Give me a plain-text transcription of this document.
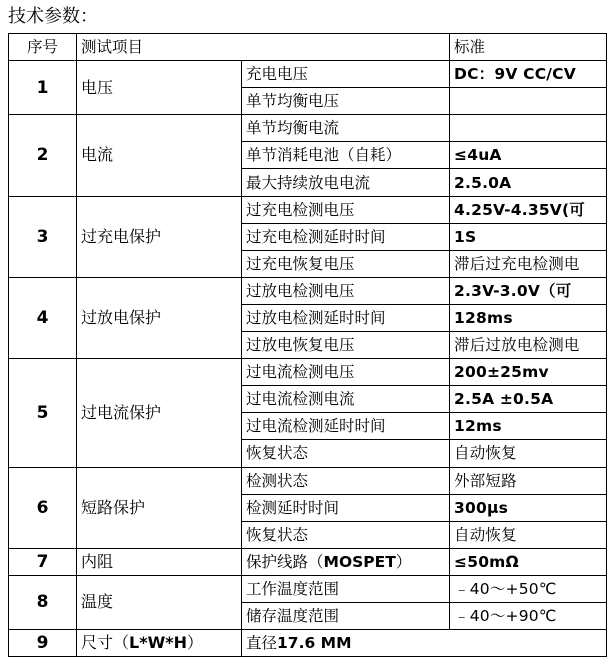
技术参数：
序号	测试项目		标准
1	电压	充电电压	DC：9V CC/CV
		单节均衡电压	
2	电流	单节均衡电流	
		单节消耗电池（自耗）	≤4uA
		最大持续放电电流	2.5.0A
3	过充电保护	过充电检测电压	4.25V-4.35V(可
		过充电检测延时时间	1S
		过充电恢复电压	滞后过充电检测电
4	过放电保护	过放电检测电压	2.3V-3.0V（可
		过放电检测延时时间	128ms
		过放电恢复电压	滞后过放电检测电
5	过电流保护	过电流检测电压	200±25mv
		过电流检测电流	2.5A ±0.5A
		过电流检测延时时间	12ms
		恢复状态	自动恢复
6	短路保护	检测状态	外部短路
		检测延时时间	300μs
		恢复状态	自动恢复
7	内阻	保护线路（MOSPET）	≤50mΩ
8	温度	工作温度范围	﹣40～+50℃
		储存温度范围	﹣40～+90℃
9	尺寸（L*W*H）	直径17.6 MM	
